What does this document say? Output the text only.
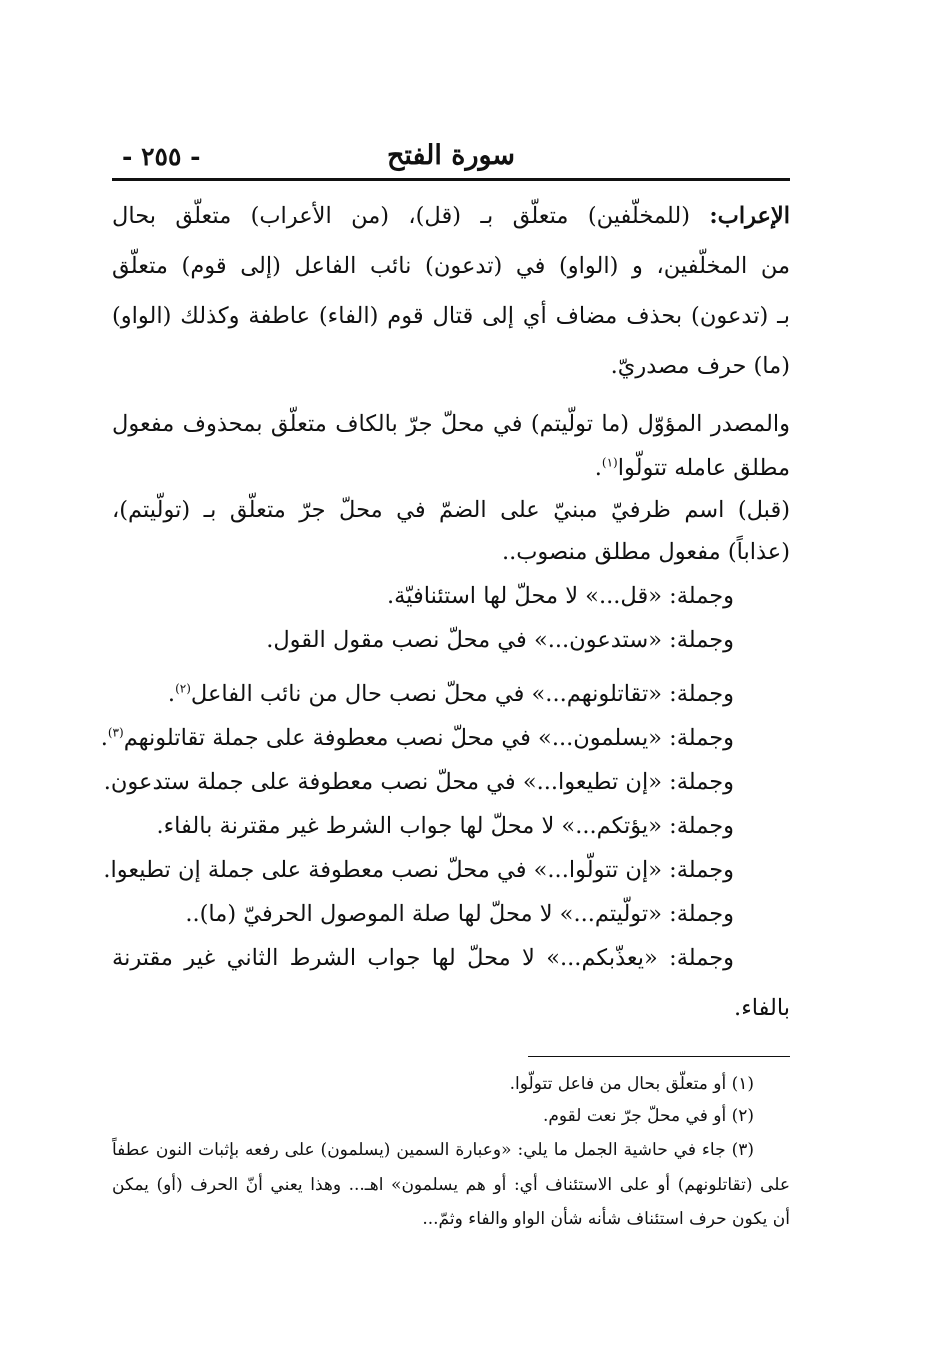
سورة الفتح
- ٢٥٥ -
الإعراب: (للمخلّفين) متعلّق بـ (قل)، (من الأعراب) متعلّق بحال
من المخلّفين، و (الواو) في (تدعون) نائب الفاعل (إلى قوم) متعلّق
بـ (تدعون) بحذف مضاف أي إلى قتال قوم (الفاء) عاطفة وكذلك (الواو)
(ما) حرف مصدريّ.
والمصدر المؤوّل (ما تولّيتم) في محلّ جرّ بالكاف متعلّق بمحذوف مفعول
مطلق عامله تتولّوا$^{(١)}$.
(قبل) اسم ظرفيّ مبنيّ على الضمّ في محلّ جرّ متعلّق بـ (تولّيتم)،
(عذاباً) مفعول مطلق منصوب..
وجملة: «قل...» لا محلّ لها استئنافيّة.
وجملة: «ستدعون...» في محلّ نصب مقول القول.
وجملة: «تقاتلونهم...» في محلّ نصب حال من نائب الفاعل$^{(٢)}$.
وجملة: «يسلمون...» في محلّ نصب معطوفة على جملة تقاتلونهم$^{(٣)}$.
وجملة: «إن تطيعوا...» في محلّ نصب معطوفة على جملة ستدعون.
وجملة: «يؤتكم...» لا محلّ لها جواب الشرط غير مقترنة بالفاء.
وجملة: «إن تتولّوا...» في محلّ نصب معطوفة على جملة إن تطيعوا.
وجملة: «تولّيتم...» لا محلّ لها صلة الموصول الحرفيّ (ما)..
وجملة: «يعذّبكم...» لا محلّ لها جواب الشرط الثاني غير مقترنة
بالفاء.
(١) أو متعلّق بحال من فاعل تتولّوا.
(٢) أو في محلّ جرّ نعت لقوم.
(٣) جاء في حاشية الجمل ما يلي: «وعبارة السمين (يسلمون) على رفعه بإثبات النون عطفاً
على (تقاتلونهم) أو على الاستئناف أي: أو هم يسلمون» اهـ... وهذا يعني أنّ الحرف (أو) يمكن
أن يكون حرف استئناف شأنه شأن الواو والفاء وثمّ...
